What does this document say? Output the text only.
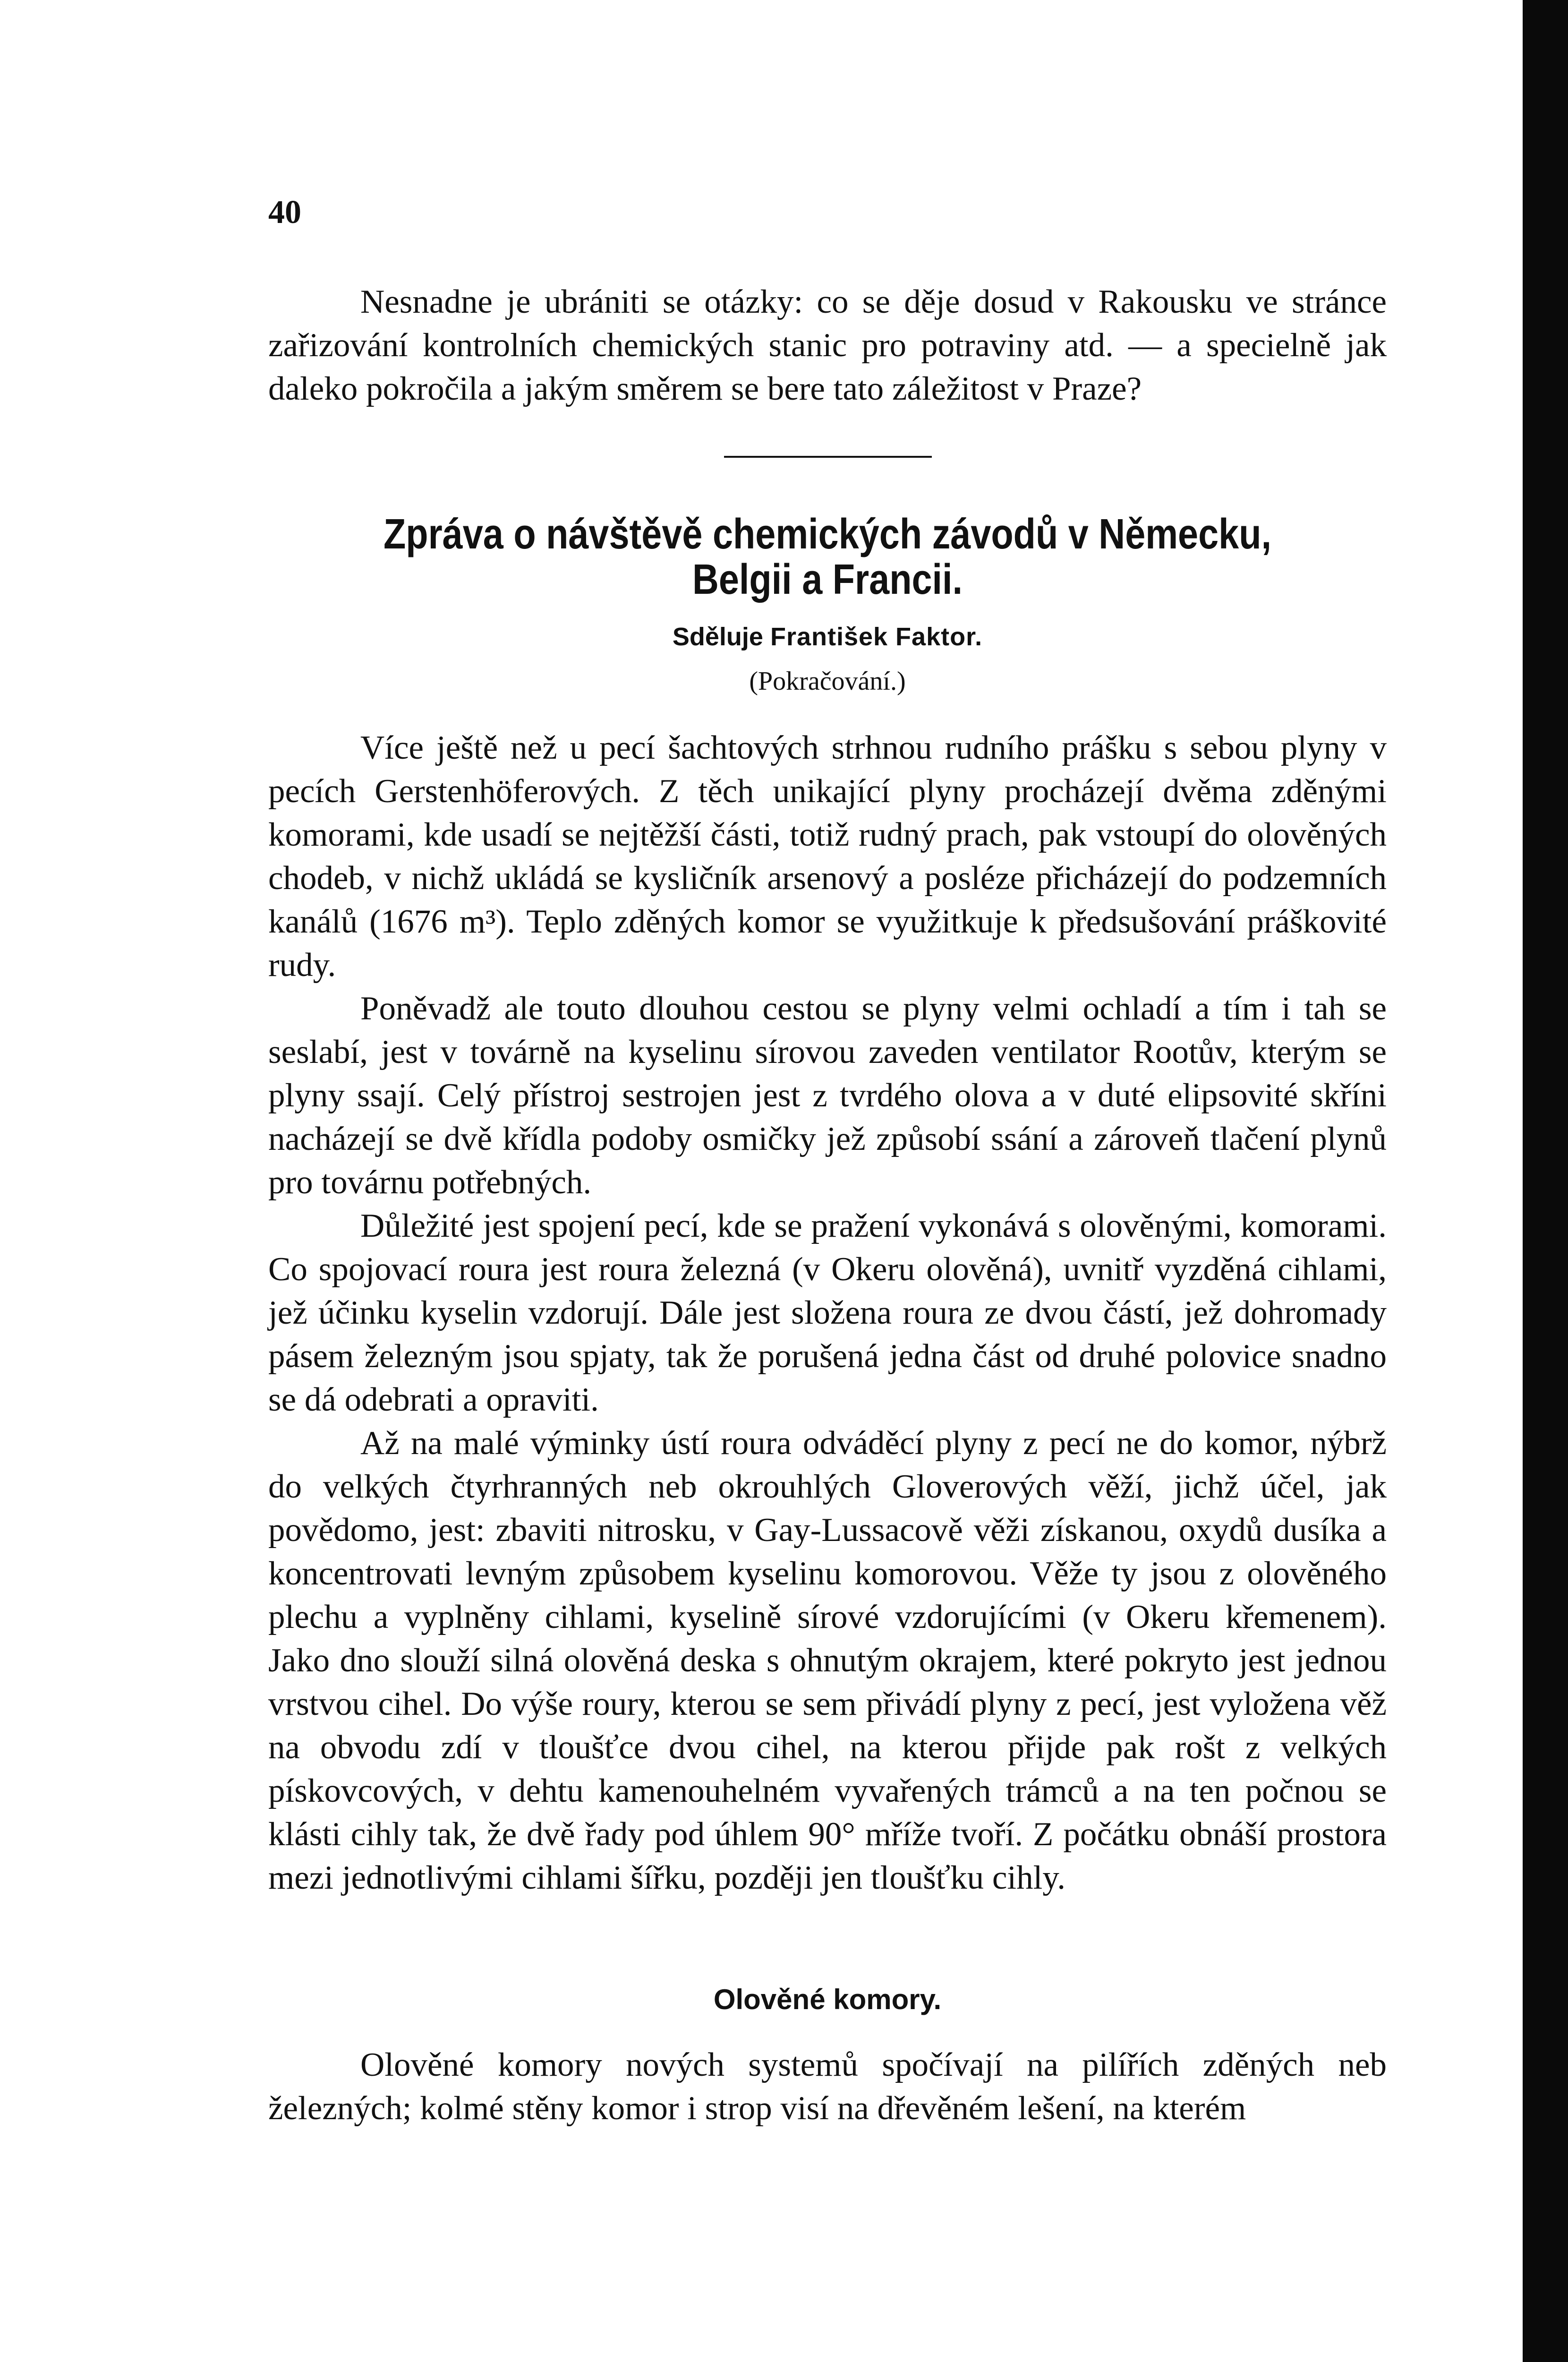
40

Nesnadne je ubrániti se otázky: co se děje dosud v Rakousku ve stránce zařizování kontrolních chemických stanic pro potraviny atd. — a specielně jak daleko pokročila a jakým směrem se bere tato záležitost v Praze?

Zpráva o návštěvě chemických závodů v Německu, Belgii a Francii.
Sděluje František Faktor.
(Pokračování.)

Více ještě než u pecí šachtových strhnou rudního prášku s sebou plyny v pecích Gerstenhöferových. Z těch unikající plyny procházejí dvěma zděnými komorami, kde usadí se nejtěžší části, totiž rudný prach, pak vstoupí do olověných chodeb, v nichž ukládá se kysličník arsenový a posléze přicházejí do podzemních kanálů (1676 m³). Teplo zděných komor se využitkuje k předsušování práškovité rudy.

Poněvadž ale touto dlouhou cestou se plyny velmi ochladí a tím i tah se seslabí, jest v továrně na kyselinu sírovou zaveden ventilator Rootův, kterým se plyny ssají. Celý přístroj sestrojen jest z tvrdého olova a v duté elipsovité skříni nacházejí se dvě křídla podoby osmičky jež způsobí ssání a zároveň tlačení plynů pro továrnu potřebných.

Důležité jest spojení pecí, kde se pražení vykonává s olověnými, komorami. Co spojovací roura jest roura železná (v Okeru olověná), uvnitř vyzděná cihlami, jež účinku kyselin vzdorují. Dále jest složena roura ze dvou částí, jež dohromady pásem železným jsou spjaty, tak že porušená jedna část od druhé polovice snadno se dá odebrati a opraviti.

Až na malé výminky ústí roura odváděcí plyny z pecí ne do komor, nýbrž do velkých čtyrhranných neb okrouhlých Gloverových věží, jichž účel, jak povědomo, jest: zbaviti nitrosku, v Gay-Lussacově věži získanou, oxydů dusíka a koncentrovati levným způsobem kyselinu komorovou. Věže ty jsou z olověného plechu a vyplněny cihlami, kyselině sírové vzdorujícími (v Okeru křemenem). Jako dno slouží silná olověná deska s ohnutým okrajem, které pokryto jest jednou vrstvou cihel. Do výše roury, kterou se sem přivádí plyny z pecí, jest vyložena věž na obvodu zdí v tloušťce dvou cihel, na kterou přijde pak rošt z velkých pískovcových, v dehtu kamenouhelném vyvařených trámců a na ten počnou se klásti cihly tak, že dvě řady pod úhlem 90° mříže tvoří. Z počátku obnáší prostora mezi jednotlivými cihlami šířku, později jen tloušťku cihly.

Olověné komory.

Olověné komory nových systemů spočívají na pilířích zděných neb železných; kolmé stěny komor i strop visí na dřevěném lešení, na kterém
